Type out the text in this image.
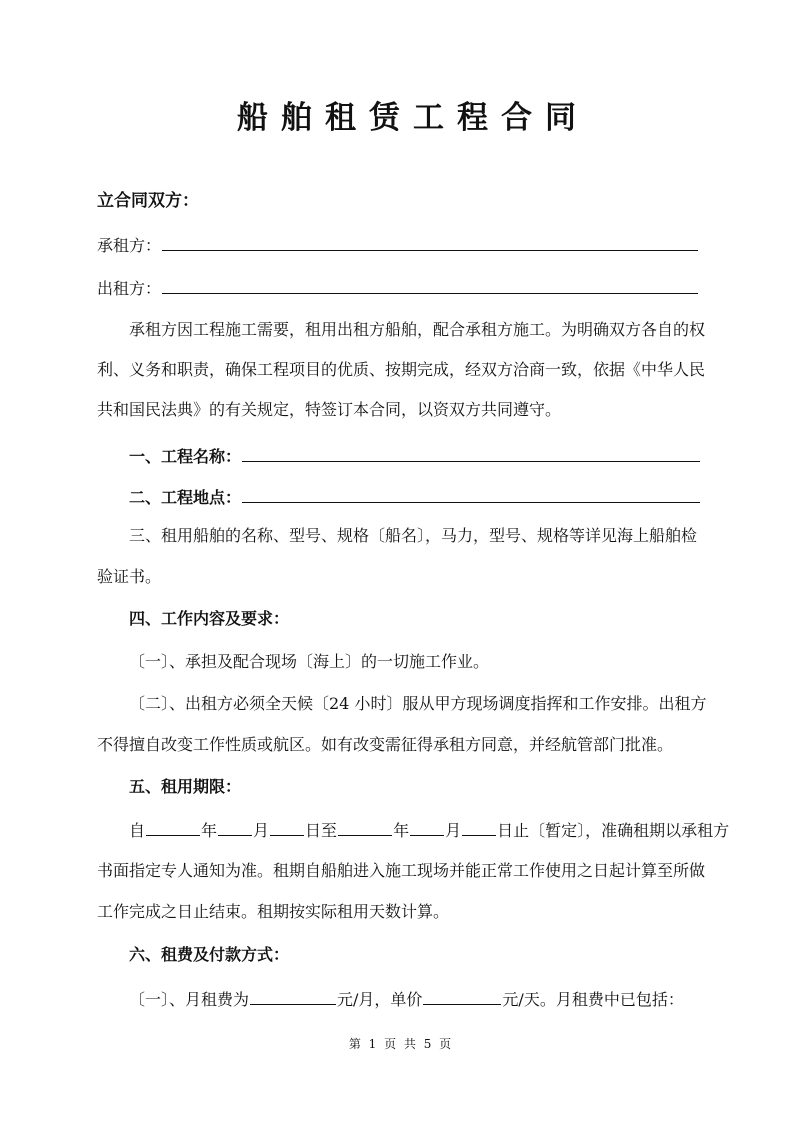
船舶租赁工程合同
立合同双方：
承租方：
出租方：
承租方因工程施工需要，租用出租方船舶，配合承租方施工。为明确双方各自的权
利、义务和职责，确保工程项目的优质、按期完成，经双方洽商一致，依据《中华人民
共和国民法典》的有关规定，特签订本合同，以资双方共同遵守。
一、工程名称：
二、工程地点：
三、租用船舶的名称、型号、规格〔船名〕，马力，型号、规格等详见海上船舶检
验证书。
四、工作内容及要求：
〔一〕、承担及配合现场〔海上〕的一切施工作业。
〔二〕、出租方必须全天候〔24 小时〕服从甲方现场调度指挥和工作安排。出租方
不得擅自改变工作性质或航区。如有改变需征得承租方同意，并经航管部门批准。
五、租用期限：
自	年 月 日至	年 月 日止〔暂定〕，准确租期以承租方
书面指定专人通知为准。租期自船舶进入施工现场并能正常工作使用之日起计算至所做
工作完成之日止结束。租期按实际租用天数计算。
六、租费及付款方式：
〔一〕、月租费为	元/月，单价	元/天。月租费中已包括：
第 1 页 共 5 页
